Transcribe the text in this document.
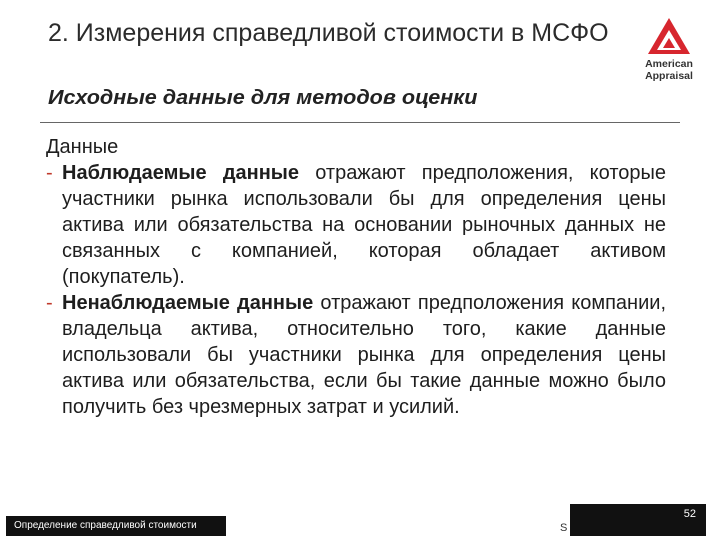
2. Измерения справедливой стоимости в МСФО
American
Appraisal
Исходные данные для методов оценки

Данные

- Наблюдаемые данные отражают предположения, которые участники рынка использовали бы для определения цены актива или обязательства на основании рыночных данных не связанных с компанией, которая обладает активом (покупатель).

- Ненаблюдаемые данные отражают предположения компании, владельца актива, относительно того, какие данные использовали бы участники рынка для определения цены актива или обязательства, если бы такие данные можно было получить без чрезмерных затрат и усилий.

Определение справедливой стоимости	S
52
